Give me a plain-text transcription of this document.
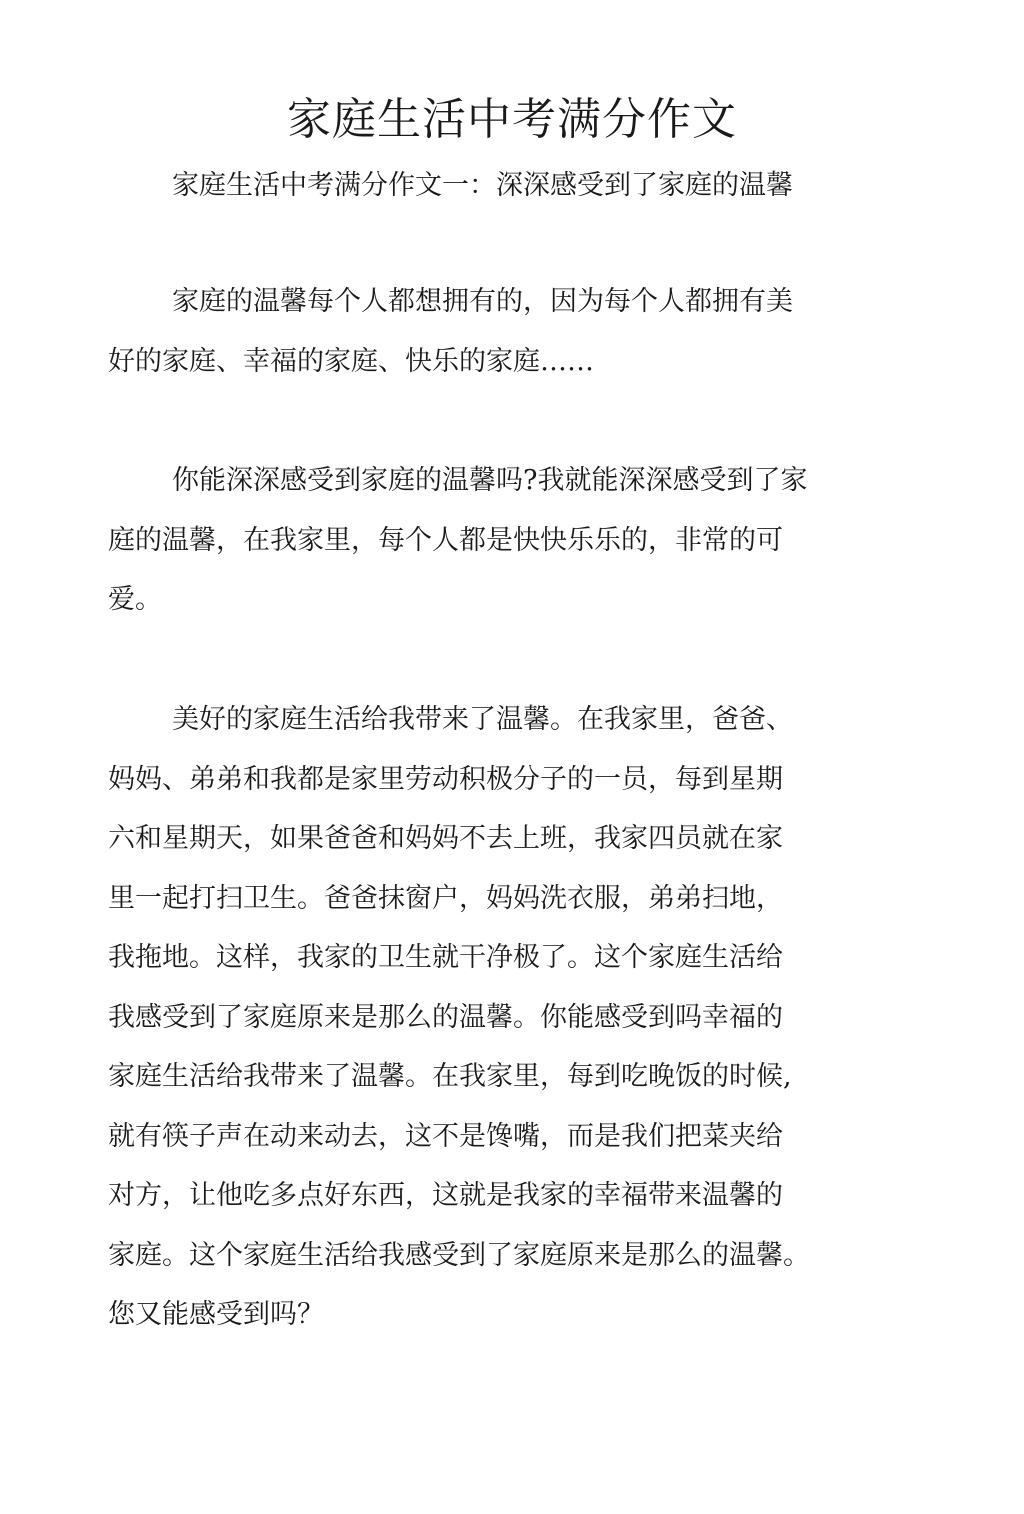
家庭生活中考满分作文

家庭生活中考满分作文一：深深感受到了家庭的温馨

家庭的温馨每个人都想拥有的，因为每个人都拥有美
好的家庭、幸福的家庭、快乐的家庭……

你能深深感受到家庭的温馨吗?我就能深深感受到了家
庭的温馨，在我家里，每个人都是快快乐乐的，非常的可
爱。

美好的家庭生活给我带来了温馨。在我家里，爸爸、
妈妈、弟弟和我都是家里劳动积极分子的一员，每到星期
六和星期天，如果爸爸和妈妈不去上班，我家四员就在家
里一起打扫卫生。爸爸抹窗户，妈妈洗衣服，弟弟扫地，
我拖地。这样，我家的卫生就干净极了。这个家庭生活给
我感受到了家庭原来是那么的温馨。你能感受到吗幸福的
家庭生活给我带来了温馨。在我家里，每到吃晚饭的时候,
就有筷子声在动来动去，这不是馋嘴，而是我们把菜夹给
对方，让他吃多点好东西，这就是我家的幸福带来温馨的
家庭。这个家庭生活给我感受到了家庭原来是那么的温馨。
您又能感受到吗？
